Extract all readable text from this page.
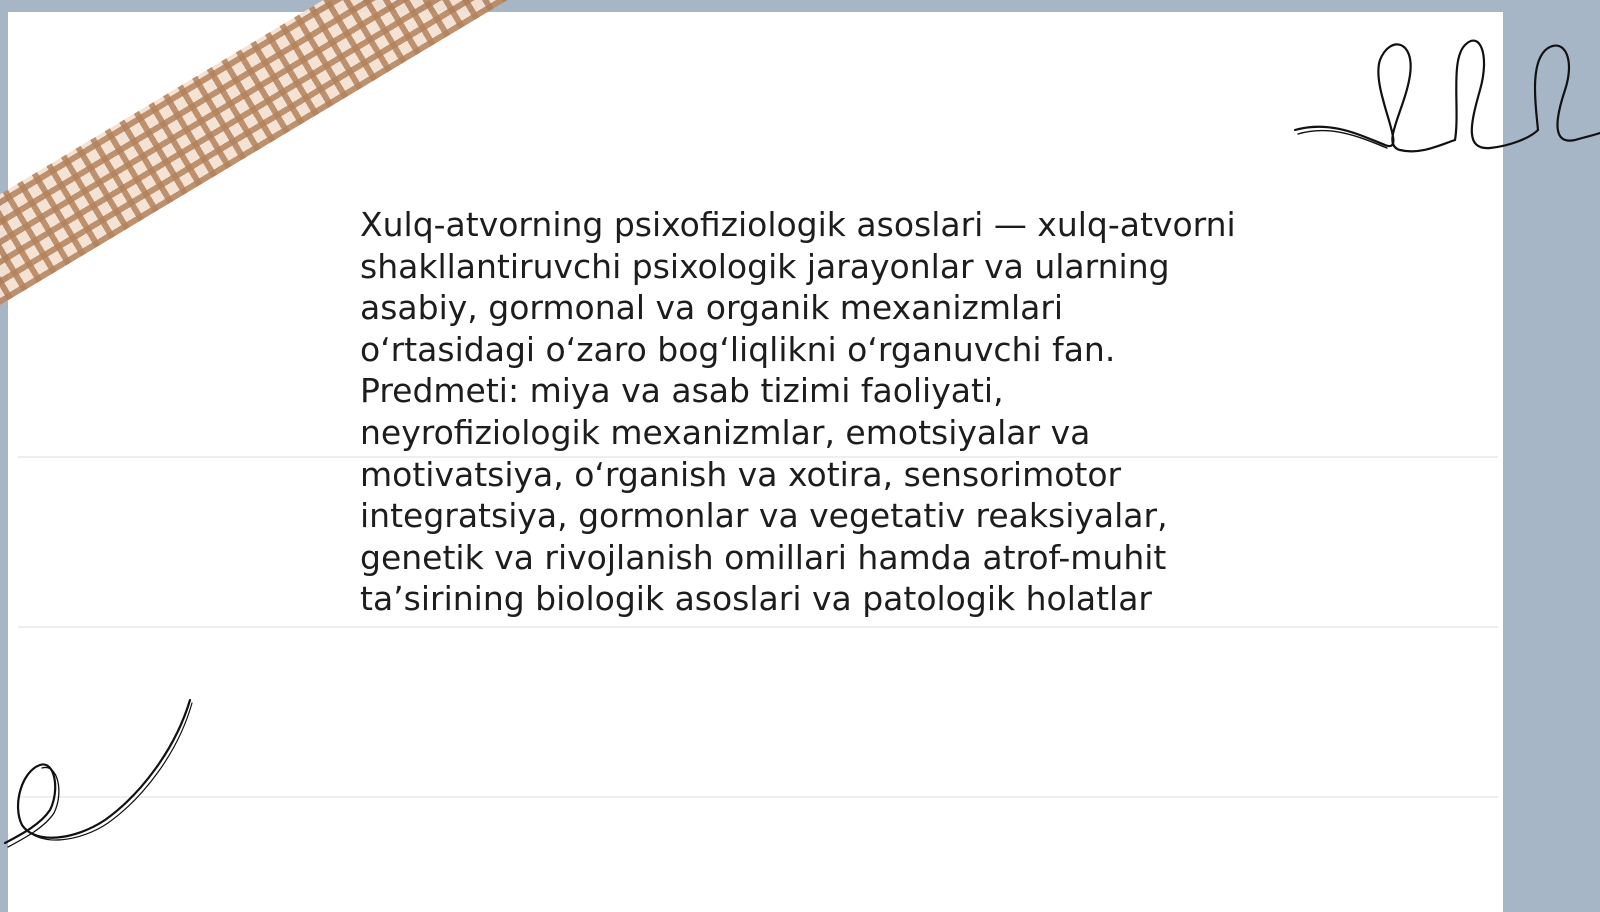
Xulq-atvorning psixofiziologik asoslari — xulq-atvorni shakllantiruvchi psixologik jarayonlar va ularning asabiy, gormonal va organik mexanizmlari oʻrtasidagi oʻzaro bogʻliqlikni oʻrganuvchi fan. Predmeti: miya va asab tizimi faoliyati, neyrofiziologik mexanizmlar, emotsiyalar va motivatsiya, oʻrganish va xotira, sensorimotor integratsiya, gormonlar va vegetativ reaksiyalar, genetik va rivojlanish omillari hamda atrof-muhit taʼsirining biologik asoslari va patologik holatlar
